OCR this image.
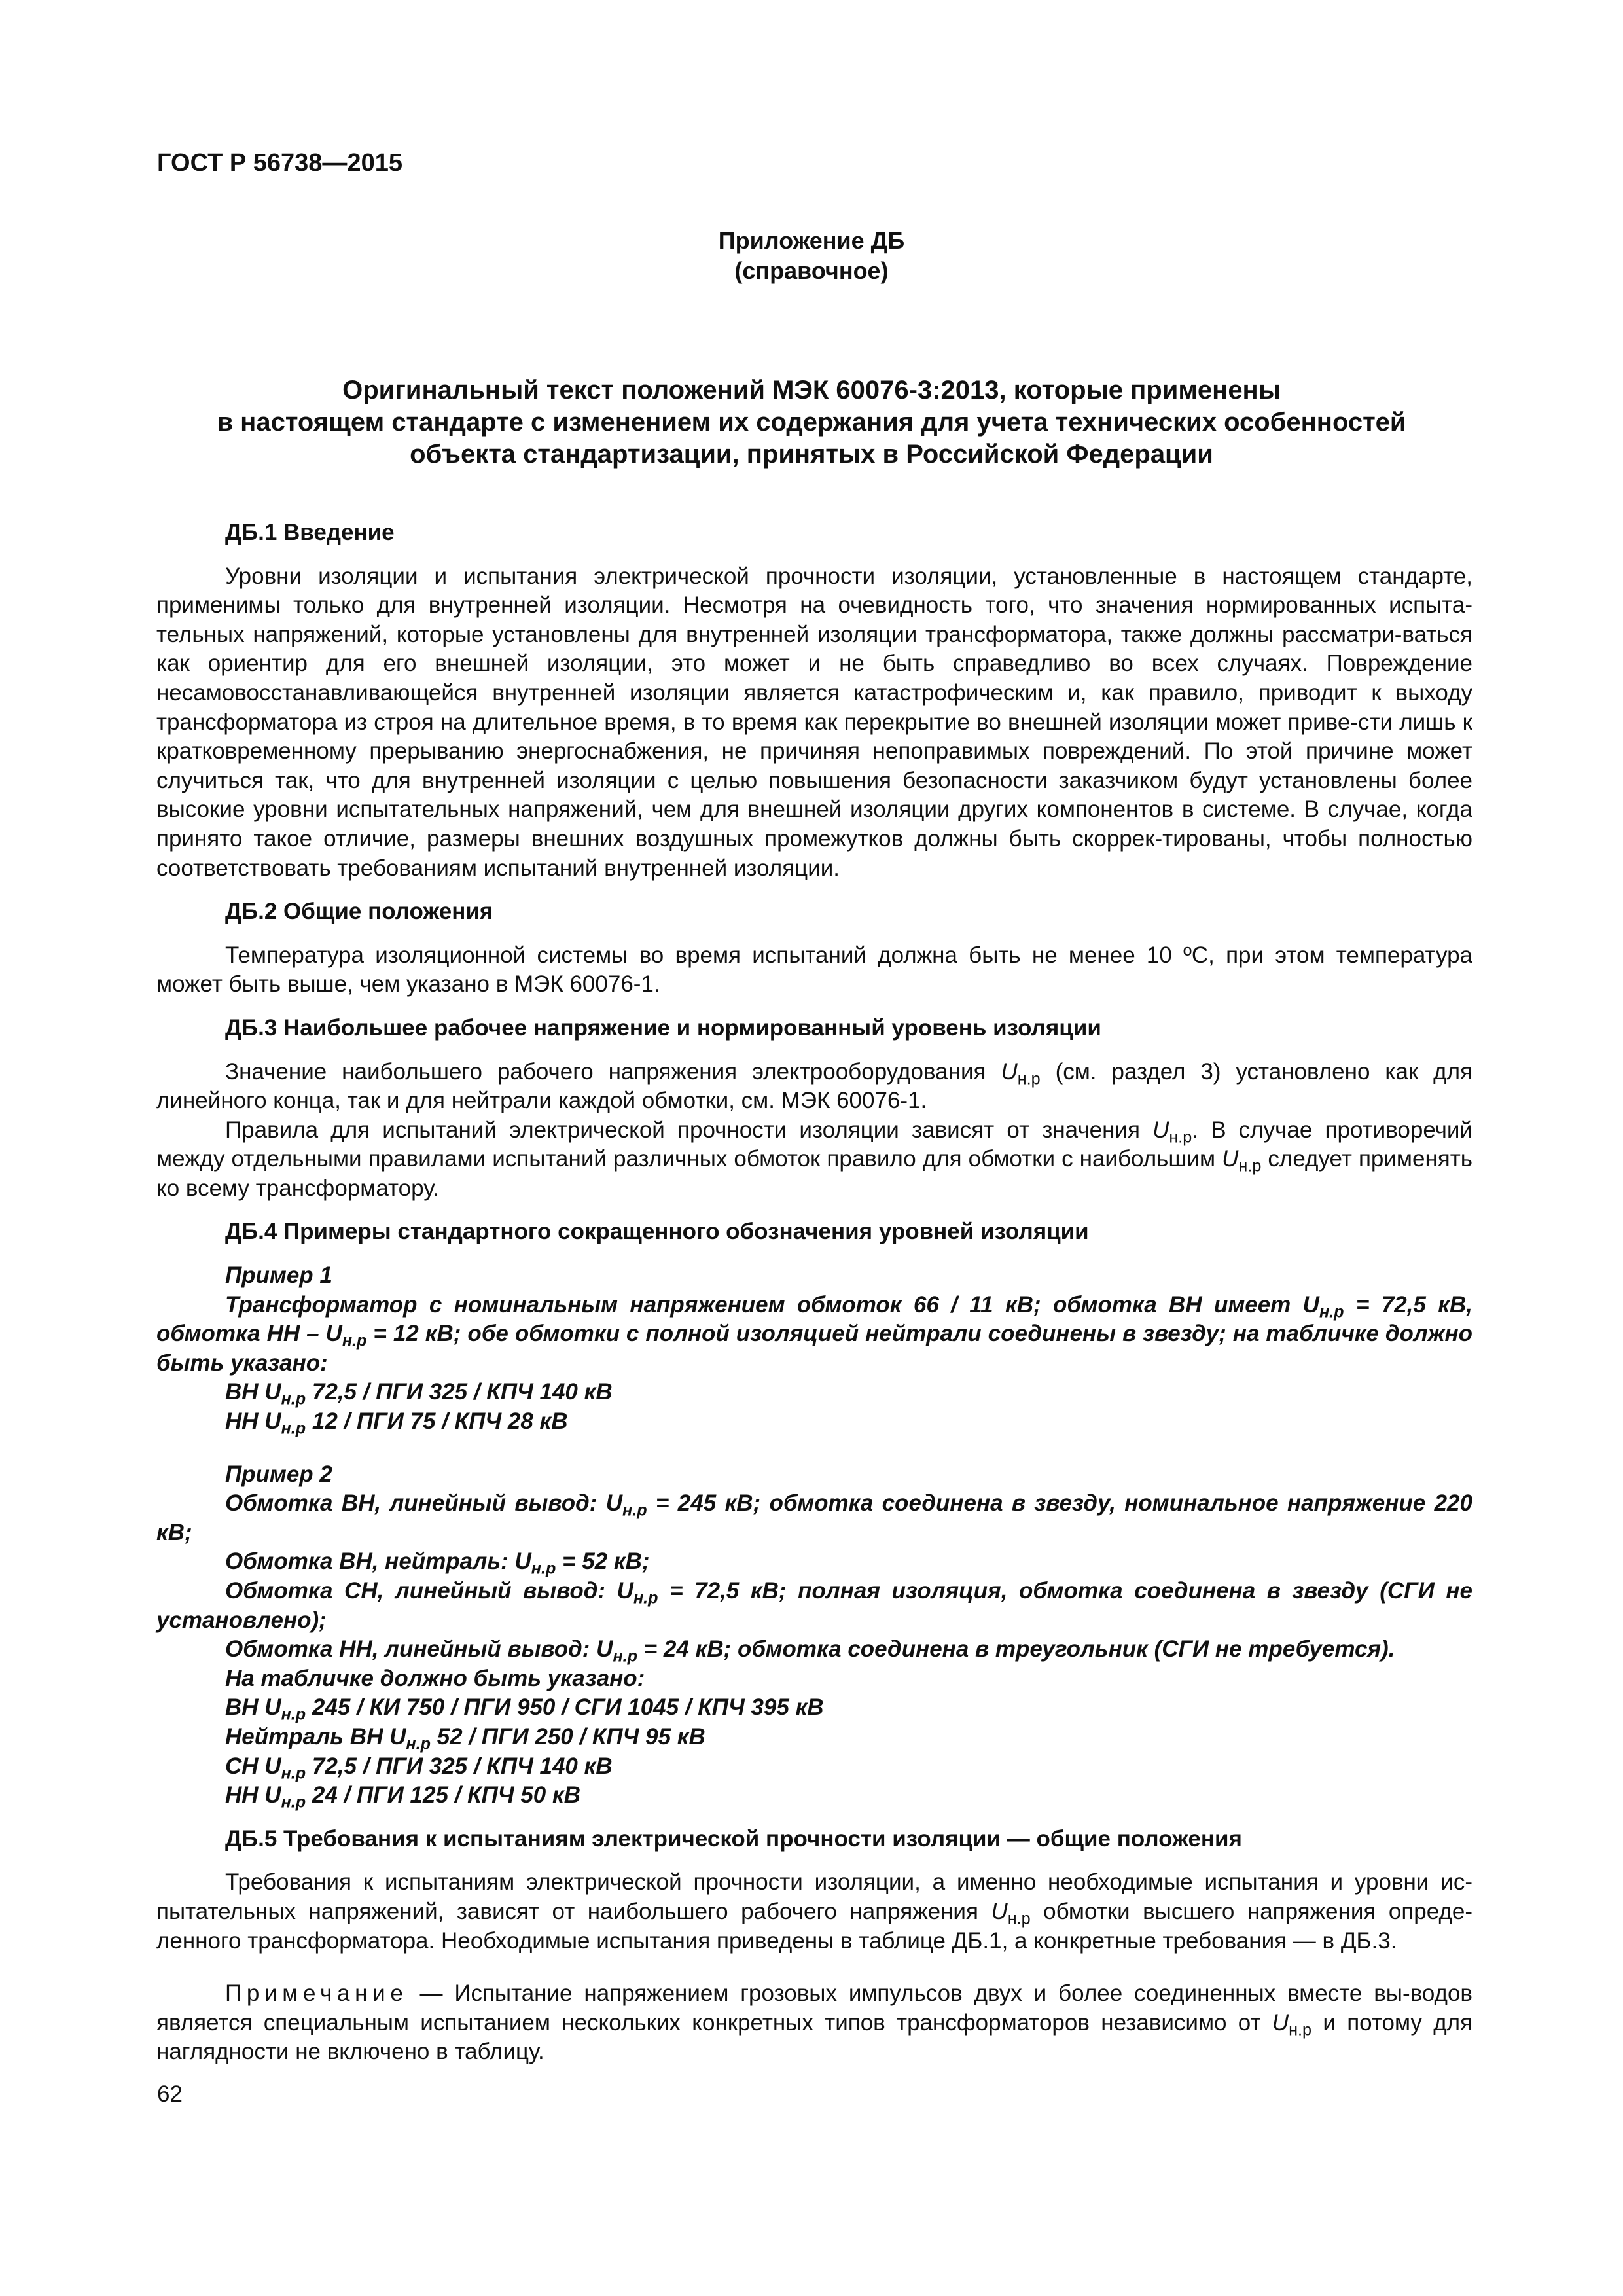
ГОСТ Р 56738—2015
Приложение ДБ
(справочное)
Оригинальный текст положений МЭК 60076-3:2013, которые применены
в настоящем стандарте с изменением их содержания для учета технических особенностей
объекта стандартизации, принятых в Российской Федерации

ДБ.1 Введение

Уровни изоляции и испытания электрической прочности изоляции, установленные в настоящем стандарте, применимы только для внутренней изоляции. Несмотря на очевидность того, что значения нормированных испыта-тельных напряжений, которые установлены для внутренней изоляции трансформатора, также должны рассматри-ваться как ориентир для его внешней изоляции, это может и не быть справедливо во всех случаях. Повреждение несамовосстанавливающейся внутренней изоляции является катастрофическим и, как правило, приводит к выходу трансформатора из строя на длительное время, в то время как перекрытие во внешней изоляции может приве-сти лишь к кратковременному прерыванию энергоснабжения, не причиняя непоправимых повреждений. По этой причине может случиться так, что для внутренней изоляции с целью повышения безопасности заказчиком будут установлены более высокие уровни испытательных напряжений, чем для внешней изоляции других компонентов в системе. В случае, когда принято такое отличие, размеры внешних воздушных промежутков должны быть скоррек-тированы, чтобы полностью соответствовать требованиям испытаний внутренней изоляции.

ДБ.2 Общие положения

Температура изоляционной системы во время испытаний должна быть не менее 10 ºС, при этом температура может быть выше, чем указано в МЭК 60076-1.

ДБ.3 Наибольшее рабочее напряжение и нормированный уровень изоляции

Значение наибольшего рабочего напряжения электрооборудования $U_{н.р}$ (см. раздел 3) установлено как для линейного конца, так и для нейтрали каждой обмотки, см. МЭК 60076-1.

Правила для испытаний электрической прочности изоляции зависят от значения $U_{н.р}$. В случае противоречий между отдельными правилами испытаний различных обмоток правило для обмотки с наибольшим $U_{н.р}$ следует применять ко всему трансформатору.

ДБ.4 Примеры стандартного сокращенного обозначения уровней изоляции

Пример 1

Трансформатор с номинальным напряжением обмоток 66 / 11 кВ; обмотка ВН имеет $U_{н.р} = 72,5$ кВ, обмотка НН – $U_{н.р} = 12$ кВ; обе обмотки с полной изоляцией нейтрали соединены в звезду; на табличке должно быть указано:

ВН $U_{н.р}$ 72,5 / ПГИ 325 / КПЧ 140 кВ

НН $U_{н.р}$ 12 / ПГИ 75 / КПЧ 28 кВ

Пример 2

Обмотка ВН, линейный вывод: $U_{н.р} = 245$ кВ; обмотка соединена в звезду, номинальное напряжение 220 кВ;

Обмотка ВН, нейтраль: $U_{н.р} = 52$ кВ;

Обмотка СН, линейный вывод: $U_{н.р} = 72,5$ кВ; полная изоляция, обмотка соединена в звезду (СГИ не установлено);

Обмотка НН, линейный вывод: $U_{н.р} = 24$ кВ; обмотка соединена в треугольник (СГИ не требуется).

На табличке должно быть указано:

ВН $U_{н.р}$ 245 / КИ 750 / ПГИ 950 / СГИ 1045 / КПЧ 395 кВ

Нейтраль ВН $U_{н.р}$ 52 / ПГИ 250 / КПЧ 95 кВ

СН $U_{н.р}$ 72,5 / ПГИ 325 / КПЧ 140 кВ

НН $U_{н.р}$ 24 / ПГИ 125 / КПЧ 50 кВ

ДБ.5 Требования к испытаниям электрической прочности изоляции — общие положения

Требования к испытаниям электрической прочности изоляции, а именно необходимые испытания и уровни ис-пытательных напряжений, зависят от наибольшего рабочего напряжения $U_{н.р}$ обмотки высшего напряжения опреде-ленного трансформатора. Необходимые испытания приведены в таблице ДБ.1, а конкретные требования — в ДБ.3.

Примечание — Испытание напряжением грозовых импульсов двух и более соединенных вместе вы-водов является специальным испытанием нескольких конкретных типов трансформаторов независимо от $U_{н.р}$ и потому для наглядности не включено в таблицу.

62
